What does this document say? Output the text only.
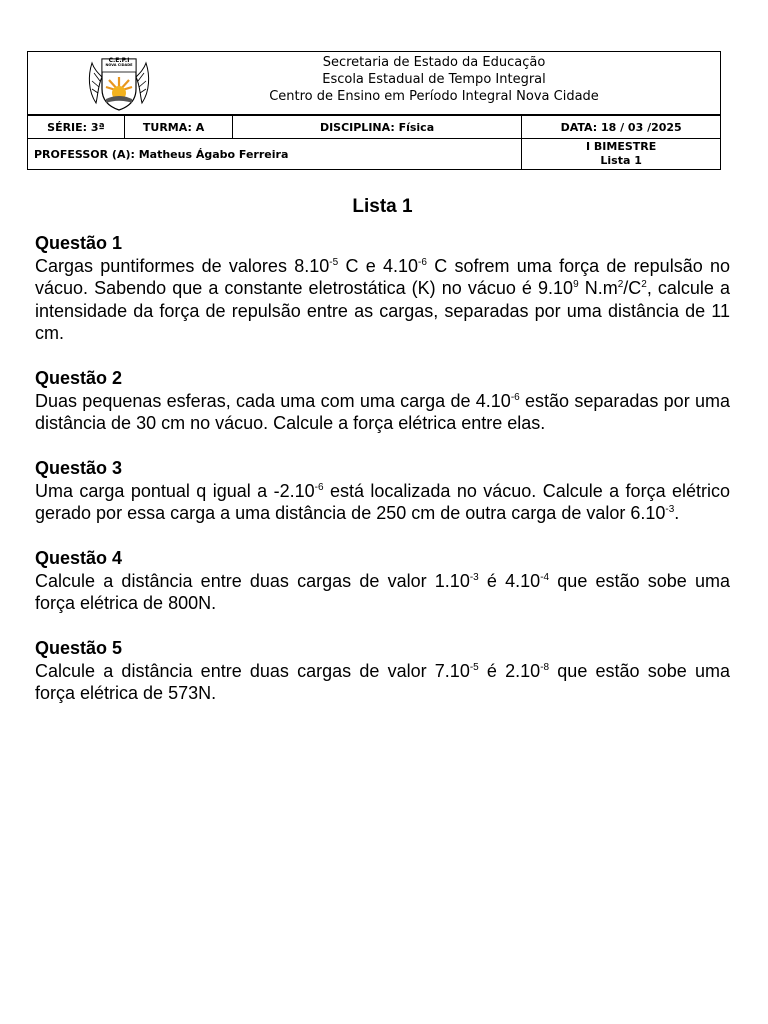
C.E.P.I
NOVA CIDADE	Secretaria de Estado da Educação
Escola Estadual de Tempo Integral
Centro de Ensino em Período Integral Nova Cidade
SÉRIE: 3ª	TURMA: A	DISCIPLINA: Física	DATA: 18 / 03 /2025
PROFESSOR (A): Matheus Ágabo Ferreira			I BIMESTRE
Lista 1
Lista 1
Questão 1
Cargas puntiformes de valores $8.10^{-5}$ C e $4.10^{-6}$ C sofrem uma força de repulsão no vácuo. Sabendo que a constante eletrostática (K) no vácuo é 9.10$^9$ $N.m^2/C^2$, calcule a intensidade da força de repulsão entre as cargas, separadas por uma distância de 11 cm.
Questão 2
Duas pequenas esferas, cada uma com uma carga de $4.10^{-6}$ estão separadas por uma distância de 30 cm no vácuo. Calcule a força elétrica entre elas.
Questão 3
Uma carga pontual q igual a $-2.10^{-6}$ está localizada no vácuo. Calcule a força elétrico gerado por essa carga a uma distância de 250 cm de outra carga de valor $6.10^{-3}$.
Questão 4
Calcule a distância entre duas cargas de valor $1.10^{-3}$ é $4.10^{-4}$ que estão sobe uma força elétrica de 800N.
Questão 5
Calcule a distância entre duas cargas de valor $7.10^{-5}$ é $2.10^{-8}$ que estão sobe uma força elétrica de 573N.
